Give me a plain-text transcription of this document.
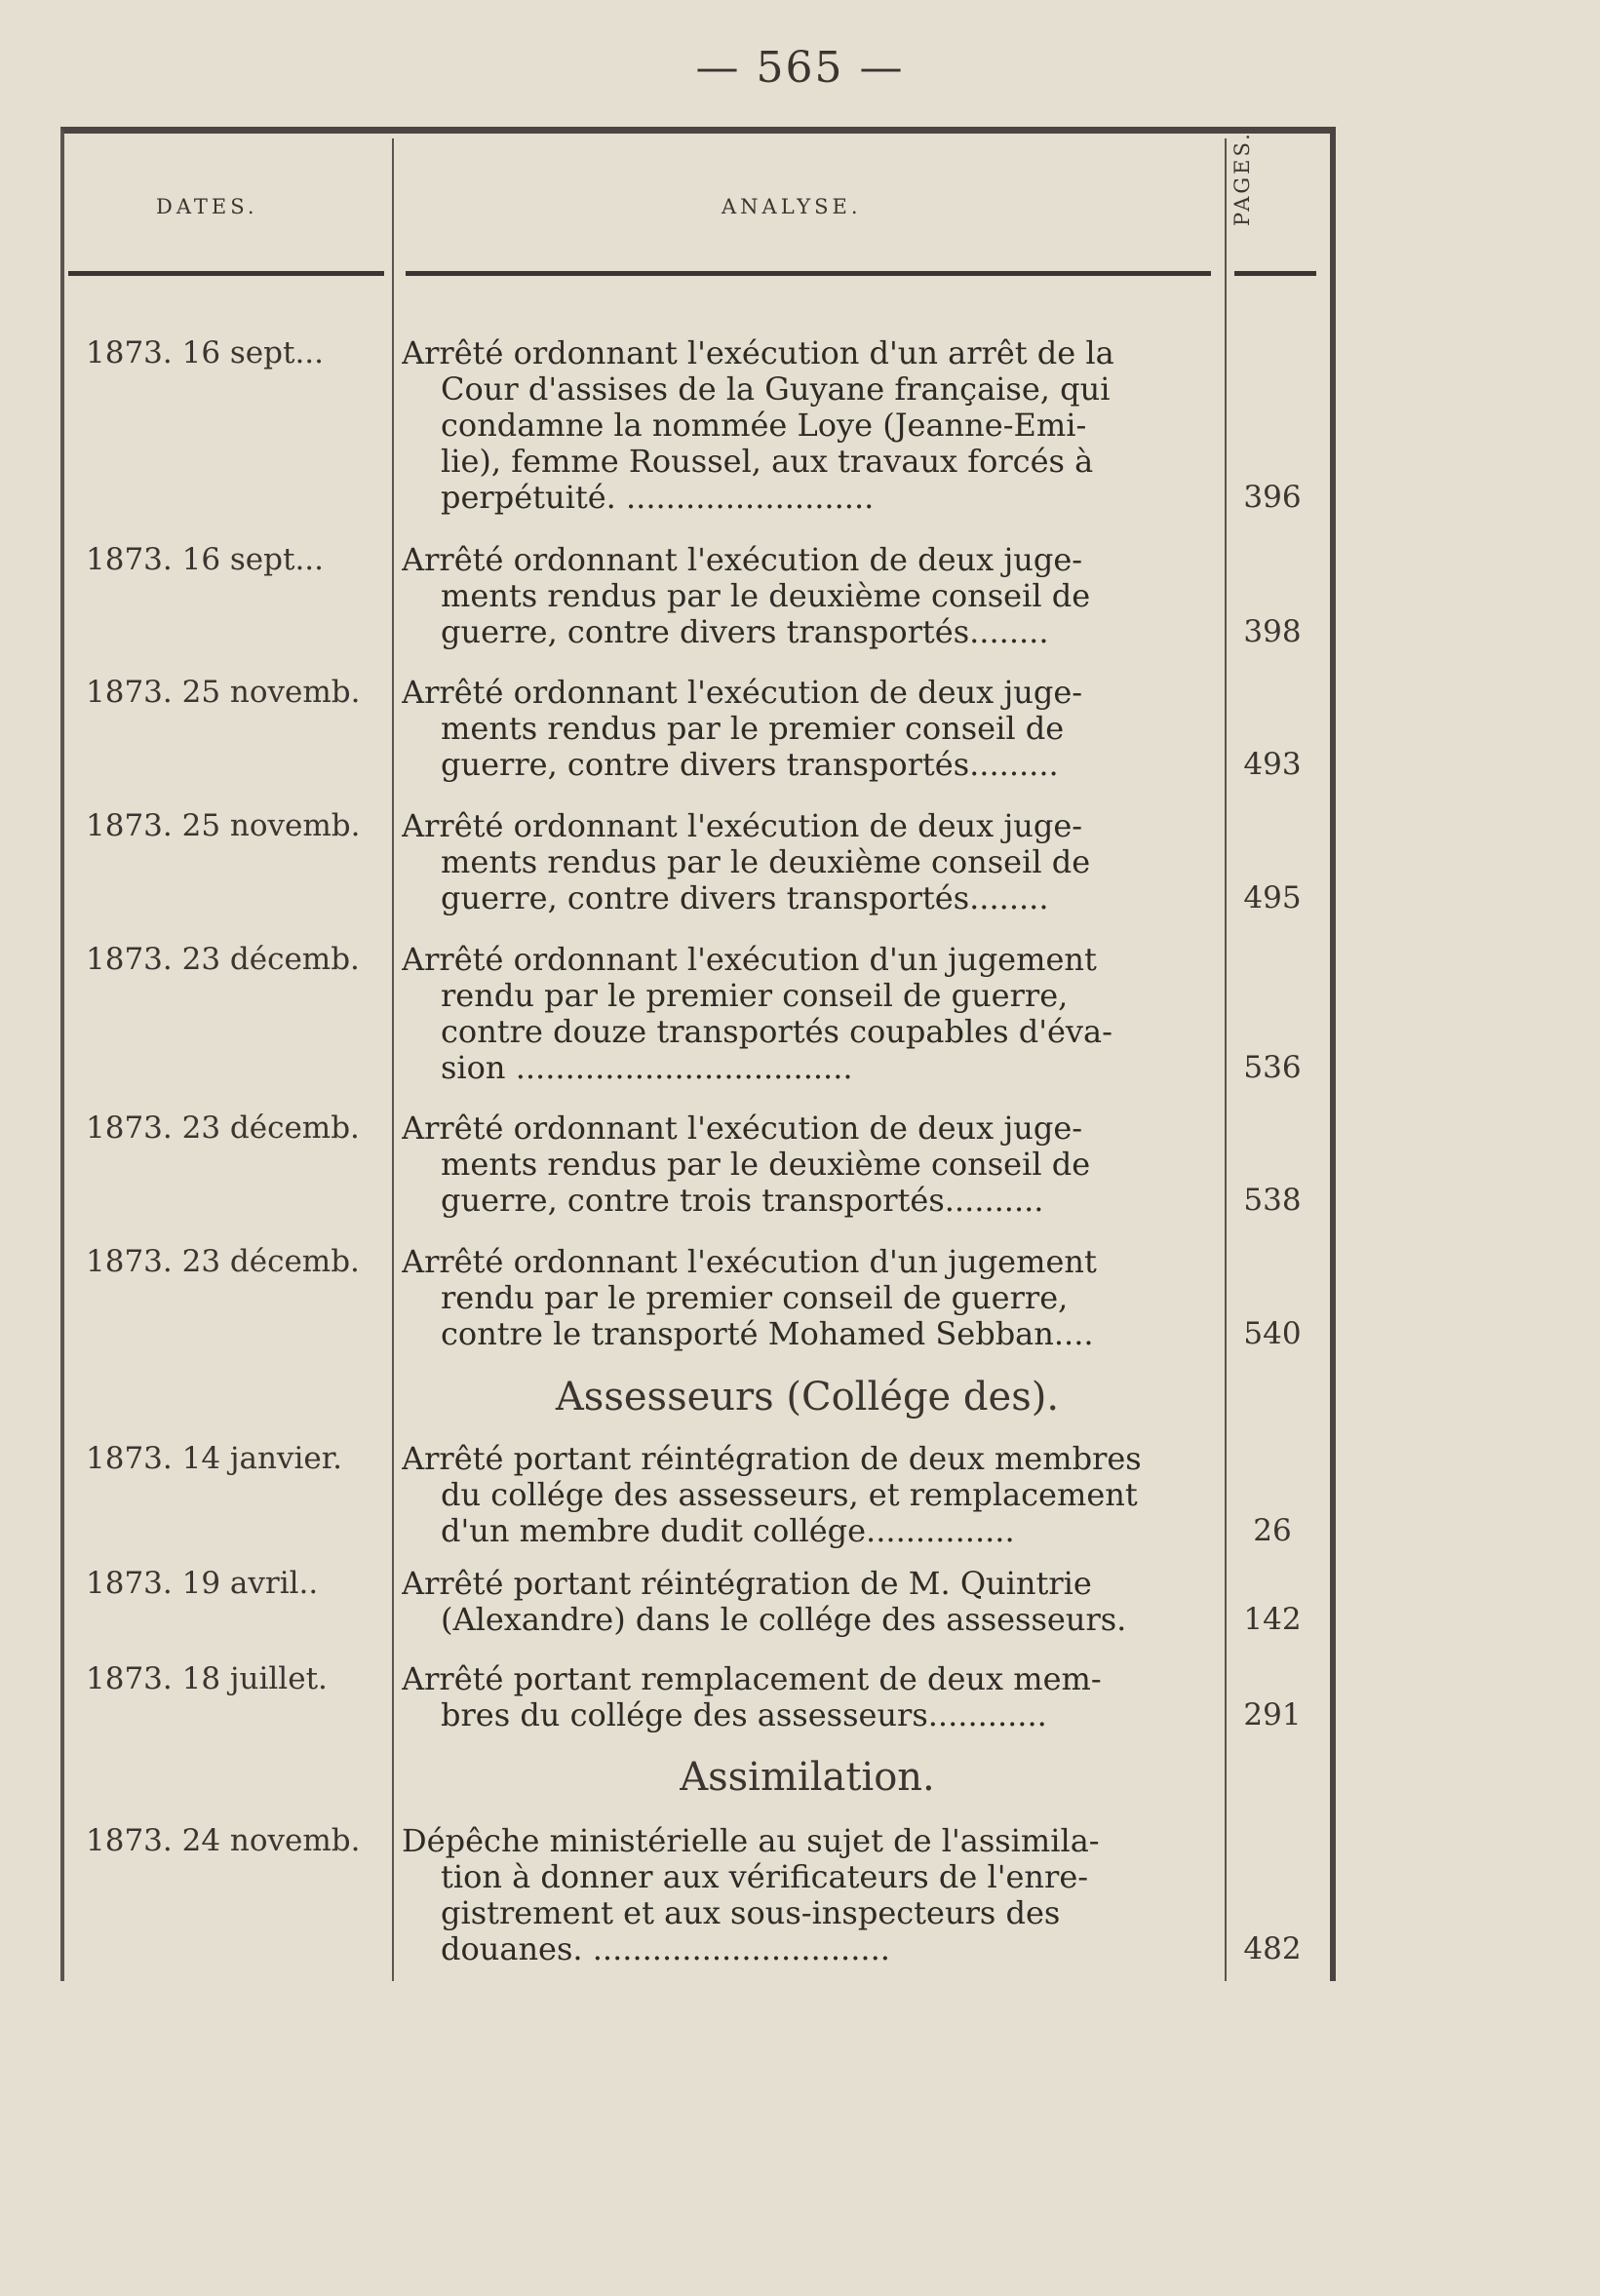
— 565 —
DATES.	ANALYSE.	PAGES.
1873. 16 sept... Arrêté ordonnant l'exécution d'un arrêt de la
Cour d'assises de la Guyane française, qui
condamne la nommée Loye (Jeanne-Emi-
lie), femme Roussel, aux travaux forcés à
perpétuité. .........................	396
1873. 16 sept... Arrêté ordonnant l'exécution de deux juge-
ments rendus par le deuxième conseil de
guerre, contre divers transportés........	398
1873. 25 novemb. Arrêté ordonnant l'exécution de deux juge-
ments rendus par le premier conseil de
guerre, contre divers transportés.........	493
1873. 25 novemb. Arrêté ordonnant l'exécution de deux juge-
ments rendus par le deuxième conseil de
guerre, contre divers transportés........	495
1873. 23 décemb. Arrêté ordonnant l'exécution d'un jugement
rendu par le premier conseil de guerre,
contre douze transportés coupables d'éva-
sion ..................................	536
1873. 23 décemb. Arrêté ordonnant l'exécution de deux juge-
ments rendus par le deuxième conseil de
guerre, contre trois transportés..........	538
1873. 23 décemb. Arrêté ordonnant l'exécution d'un jugement
rendu par le premier conseil de guerre,
contre le transporté Mohamed Sebban....	540
Assesseurs (Collége des).
1873. 14 janvier. Arrêté portant réintégration de deux membres
du collége des assesseurs, et remplacement
d'un membre dudit collége...............	26
1873. 19 avril..	Arrêté portant réintégration de M. Quintrie
(Alexandre) dans le collége des assesseurs.	142
1873. 18 juillet. Arrêté portant remplacement de deux mem-
bres du collége des assesseurs............	291
Assimilation.
1873. 24 novemb. Dépêche ministérielle au sujet de l'assimila-
tion à donner aux vérificateurs de l'enre-
gistrement et aux sous-inspecteurs des
douanes. ..............................	482
